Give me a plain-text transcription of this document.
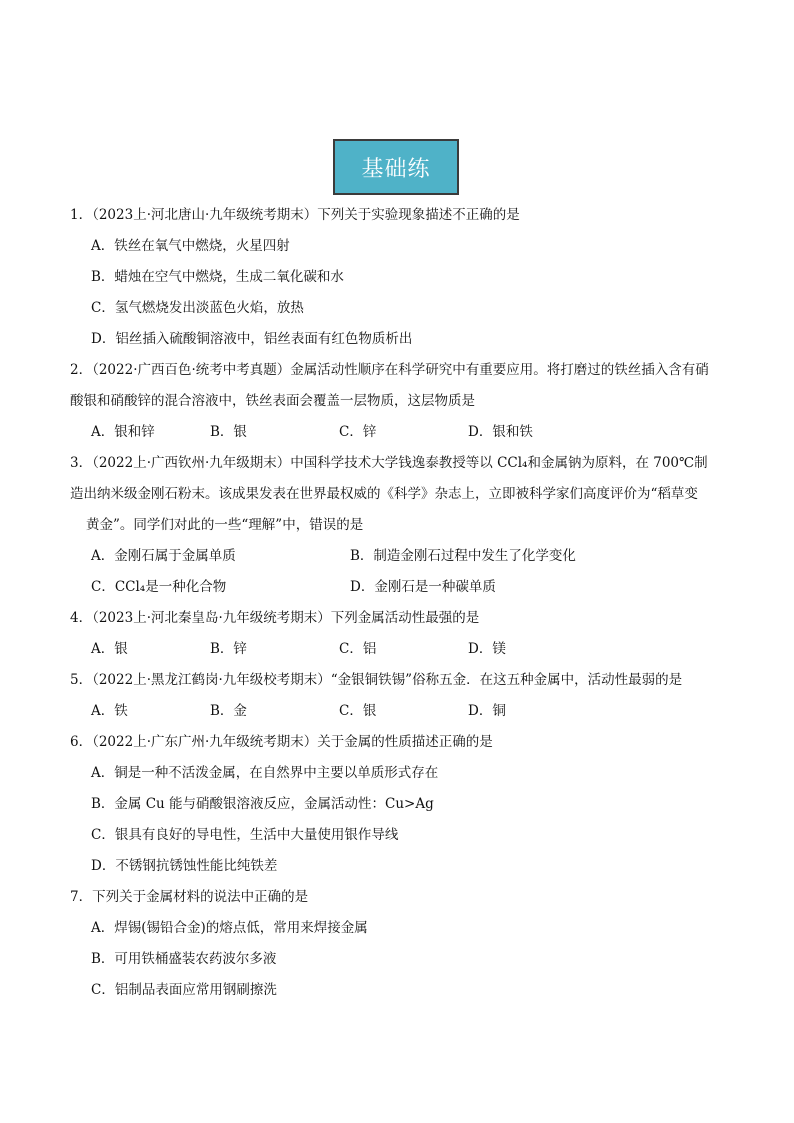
基础练
1．（2023上·河北唐山·九年级统考期末）下列关于实验现象描述不正确的是
A．铁丝在氧气中燃烧，火星四射
B．蜡烛在空气中燃烧，生成二氧化碳和水
C．氢气燃烧发出淡蓝色火焰，放热
D．铝丝插入硫酸铜溶液中，铝丝表面有红色物质析出
2．（2022·广西百色·统考中考真题）金属活动性顺序在科学研究中有重要应用。将打磨过的铁丝插入含有硝
酸银和硝酸锌的混合溶液中，铁丝表面会覆盖一层物质，这层物质是
A．银和锌	B．银	C．锌	D．银和铁
3．（2022上·广西钦州·九年级期末）中国科学技术大学钱逸泰教授等以 CCl₄和金属钠为原料，在 700℃制
造出纳米级金刚石粉末。该成果发表在世界最权威的《科学》杂志上，立即被科学家们高度评价为“稻草变
黄金”。同学们对此的一些“理解”中，错误的是
A．金刚石属于金属单质	B．制造金刚石过程中发生了化学变化
C．CCl₄是一种化合物	D．金刚石是一种碳单质
4．（2023上·河北秦皇岛·九年级统考期末）下列金属活动性最强的是
A．银	B．锌	C．铝	D．镁
5．（2022上·黑龙江鹤岗·九年级校考期末）“金银铜铁锡”俗称五金．在这五种金属中，活动性最弱的是
A．铁	B．金	C．银	D．铜
6．（2022上·广东广州·九年级统考期末）关于金属的性质描述正确的是
A．铜是一种不活泼金属，在自然界中主要以单质形式存在
B．金属 Cu 能与硝酸银溶液反应，金属活动性：Cu>Ag
C．银具有良好的导电性，生活中大量使用银作导线
D．不锈钢抗锈蚀性能比纯铁差
7．下列关于金属材料的说法中正确的是
A．焊锡(锡铅合金)的熔点低，常用来焊接金属
B．可用铁桶盛装农药波尔多液
C．铝制品表面应常用钢刷擦洗
